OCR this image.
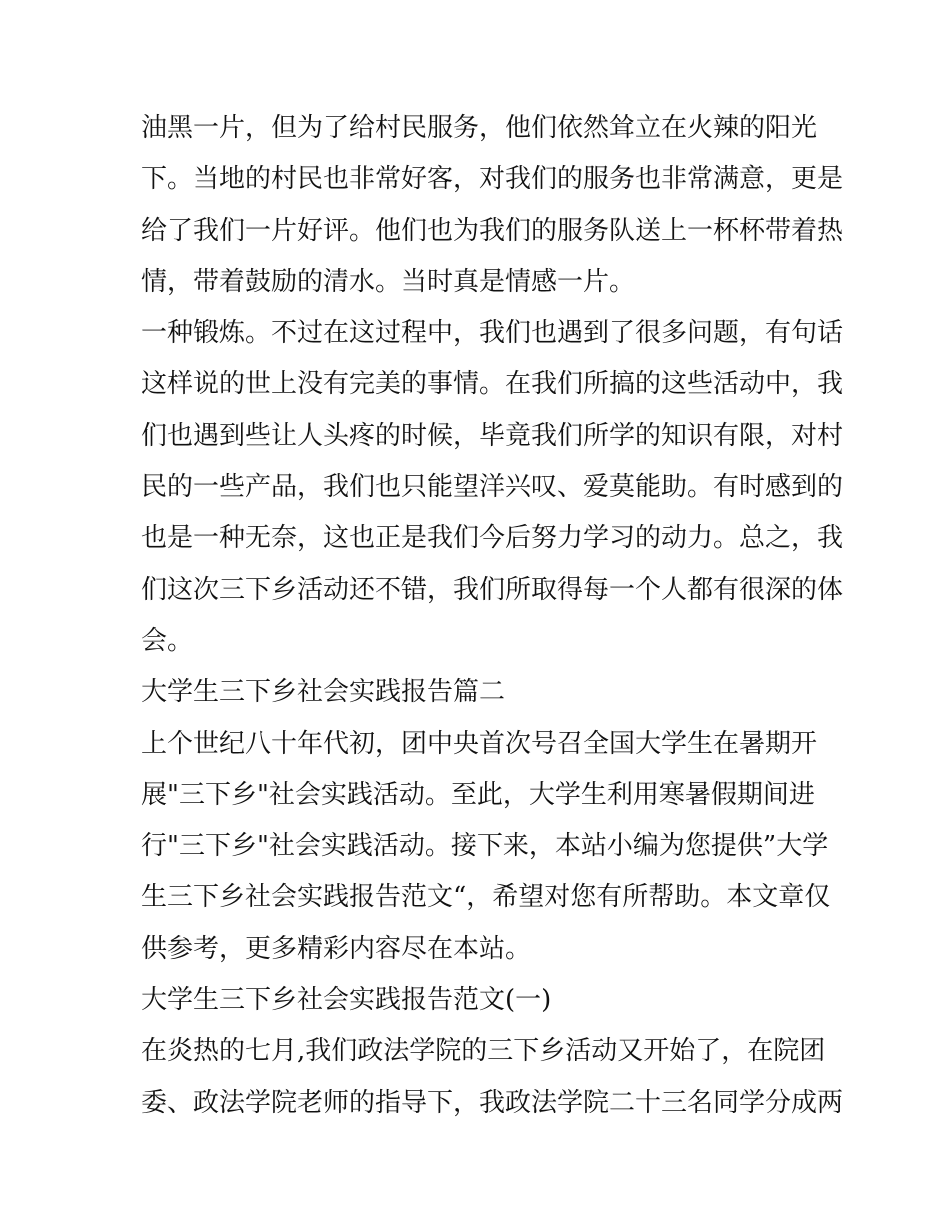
油黑一片，但为了给村民服务，他们依然耸立在火辣的阳光
下。当地的村民也非常好客，对我们的服务也非常满意，更是
给了我们一片好评。他们也为我们的服务队送上一杯杯带着热
情，带着鼓励的清水。当时真是情感一片。
一种锻炼。不过在这过程中，我们也遇到了很多问题，有句话
这样说的世上没有完美的事情。在我们所搞的这些活动中，我
们也遇到些让人头疼的时候，毕竟我们所学的知识有限，对村
民的一些产品，我们也只能望洋兴叹、爱莫能助。有时感到的
也是一种无奈，这也正是我们今后努力学习的动力。总之，我
们这次三下乡活动还不错，我们所取得每一个人都有很深的体
会。
大学生三下乡社会实践报告篇二
上个世纪八十年代初，团中央首次号召全国大学生在暑期开
展"三下乡"社会实践活动。至此，大学生利用寒暑假期间进
行"三下乡"社会实践活动。接下来，本站小编为您提供”大学
生三下乡社会实践报告范文“，希望对您有所帮助。本文章仅
供参考，更多精彩内容尽在本站。
大学生三下乡社会实践报告范文(一)
在炎热的七月,我们政法学院的三下乡活动又开始了，在院团
委、政法学院老师的指导下，我政法学院二十三名同学分成两
